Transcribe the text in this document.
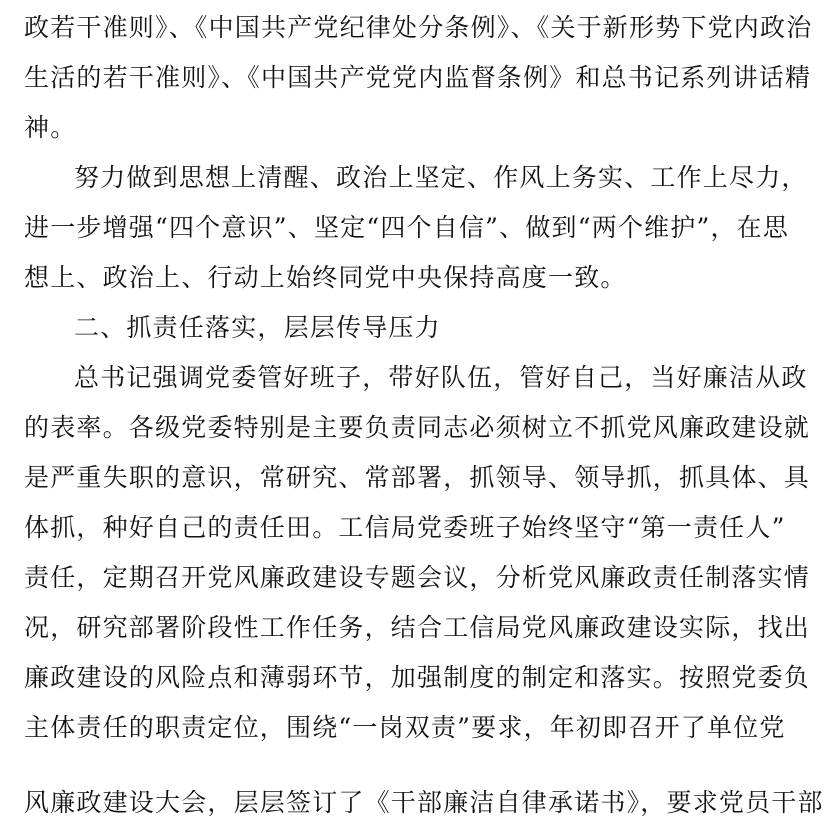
政若干准则》、《中国共产党纪律处分条例》、《关于新形势下党内政治
生活的若干准则》、《中国共产党党内监督条例》和总书记系列讲话精
神。
努力做到思想上清醒、政治上坚定、作风上务实、工作上尽力，
进一步增强“四个意识”、坚定“四个自信”、做到“两个维护”，在思
想上、政治上、行动上始终同党中央保持高度一致。
二、抓责任落实，层层传导压力
总书记强调党委管好班子，带好队伍，管好自己，当好廉洁从政
的表率。各级党委特别是主要负责同志必须树立不抓党风廉政建设就
是严重失职的意识，常研究、常部署，抓领导、领导抓，抓具体、具
体抓，种好自己的责任田。工信局党委班子始终坚守“第一责任人”
责任，定期召开党风廉政建设专题会议，分析党风廉政责任制落实情
况，研究部署阶段性工作任务，结合工信局党风廉政建设实际，找出
廉政建设的风险点和薄弱环节，加强制度的制定和落实。按照党委负
主体责任的职责定位，围绕“一岗双责”要求，年初即召开了单位党
风廉政建设大会，层层签订了《干部廉洁自律承诺书》，要求党员干部
